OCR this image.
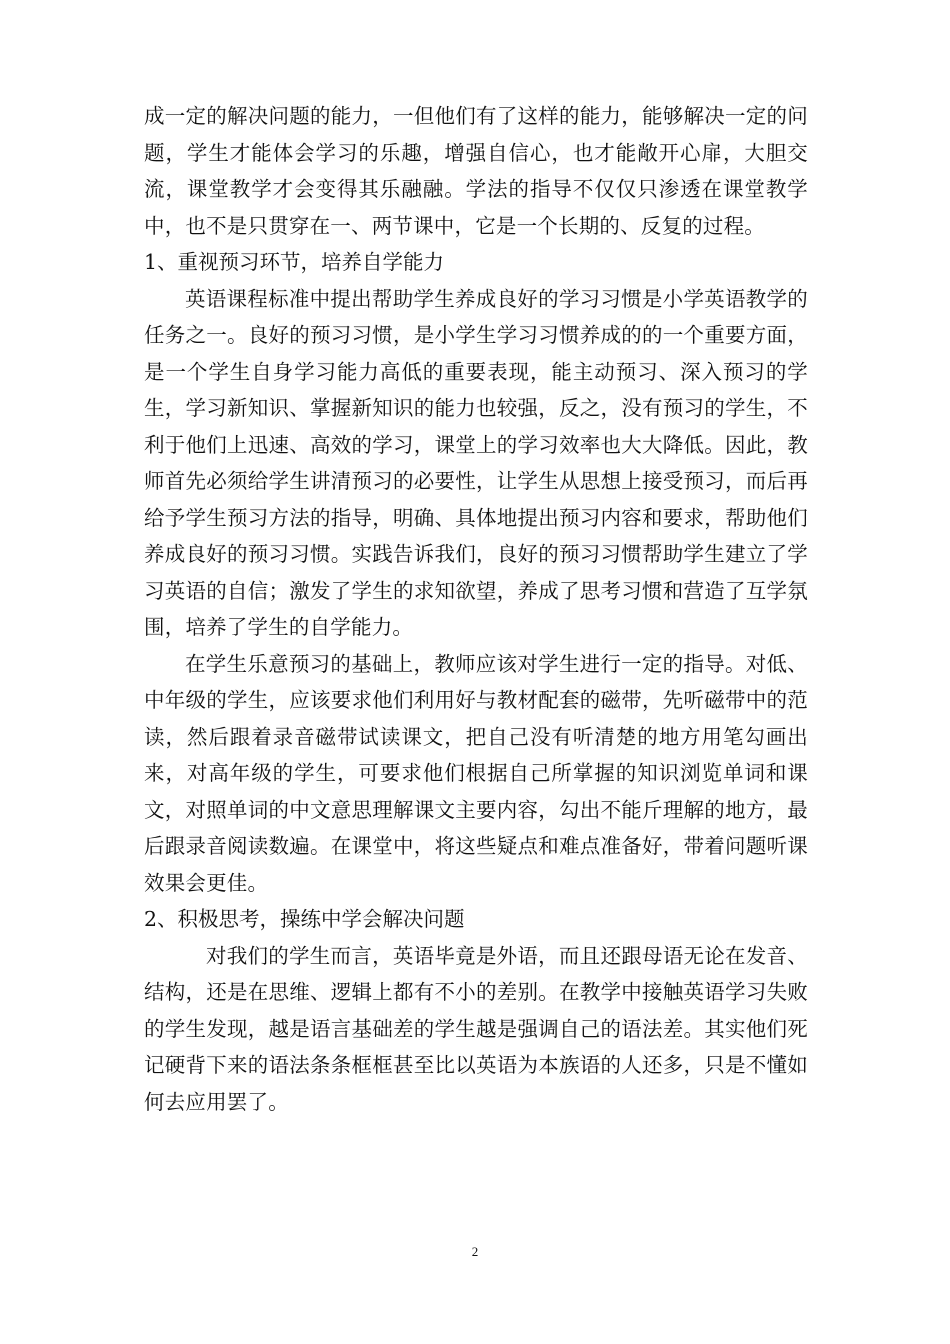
成一定的解决问题的能力，一但他们有了这样的能力，能够解决一定的问题，学生才能体会学习的乐趣，增强自信心，也才能敞开心扉，大胆交流，课堂教学才会变得其乐融融。学法的指导不仅仅只渗透在课堂教学中，也不是只贯穿在一、两节课中，它是一个长期的、反复的过程。

1、重视预习环节，培养自学能力

英语课程标准中提出帮助学生养成良好的学习习惯是小学英语教学的任务之一。良好的预习习惯，是小学生学习习惯养成的的一个重要方面，是一个学生自身学习能力高低的重要表现，能主动预习、深入预习的学生，学习新知识、掌握新知识的能力也较强，反之，没有预习的学生，不利于他们上迅速、高效的学习，课堂上的学习效率也大大降低。因此，教师首先必须给学生讲清预习的必要性，让学生从思想上接受预习，而后再给予学生预习方法的指导，明确、具体地提出预习内容和要求，帮助他们养成良好的预习习惯。实践告诉我们，良好的预习习惯帮助学生建立了学习英语的自信；激发了学生的求知欲望，养成了思考习惯和营造了互学氛围，培养了学生的自学能力。

在学生乐意预习的基础上，教师应该对学生进行一定的指导。对低、中年级的学生，应该要求他们利用好与教材配套的磁带，先听磁带中的范读，然后跟着录音磁带试读课文，把自己没有听清楚的地方用笔勾画出来，对高年级的学生，可要求他们根据自己所掌握的知识浏览单词和课文，对照单词的中文意思理解课文主要内容，勾出不能斤理解的地方，最后跟录音阅读数遍。在课堂中，将这些疑点和难点准备好，带着问题听课效果会更佳。

2、积极思考，操练中学会解决问题

对我们的学生而言，英语毕竟是外语，而且还跟母语无论在发音、结构，还是在思维、逻辑上都有不小的差别。在教学中接触英语学习失败的学生发现，越是语言基础差的学生越是强调自己的语法差。其实他们死记硬背下来的语法条条框框甚至比以英语为本族语的人还多，只是不懂如何去应用罢了。

2
